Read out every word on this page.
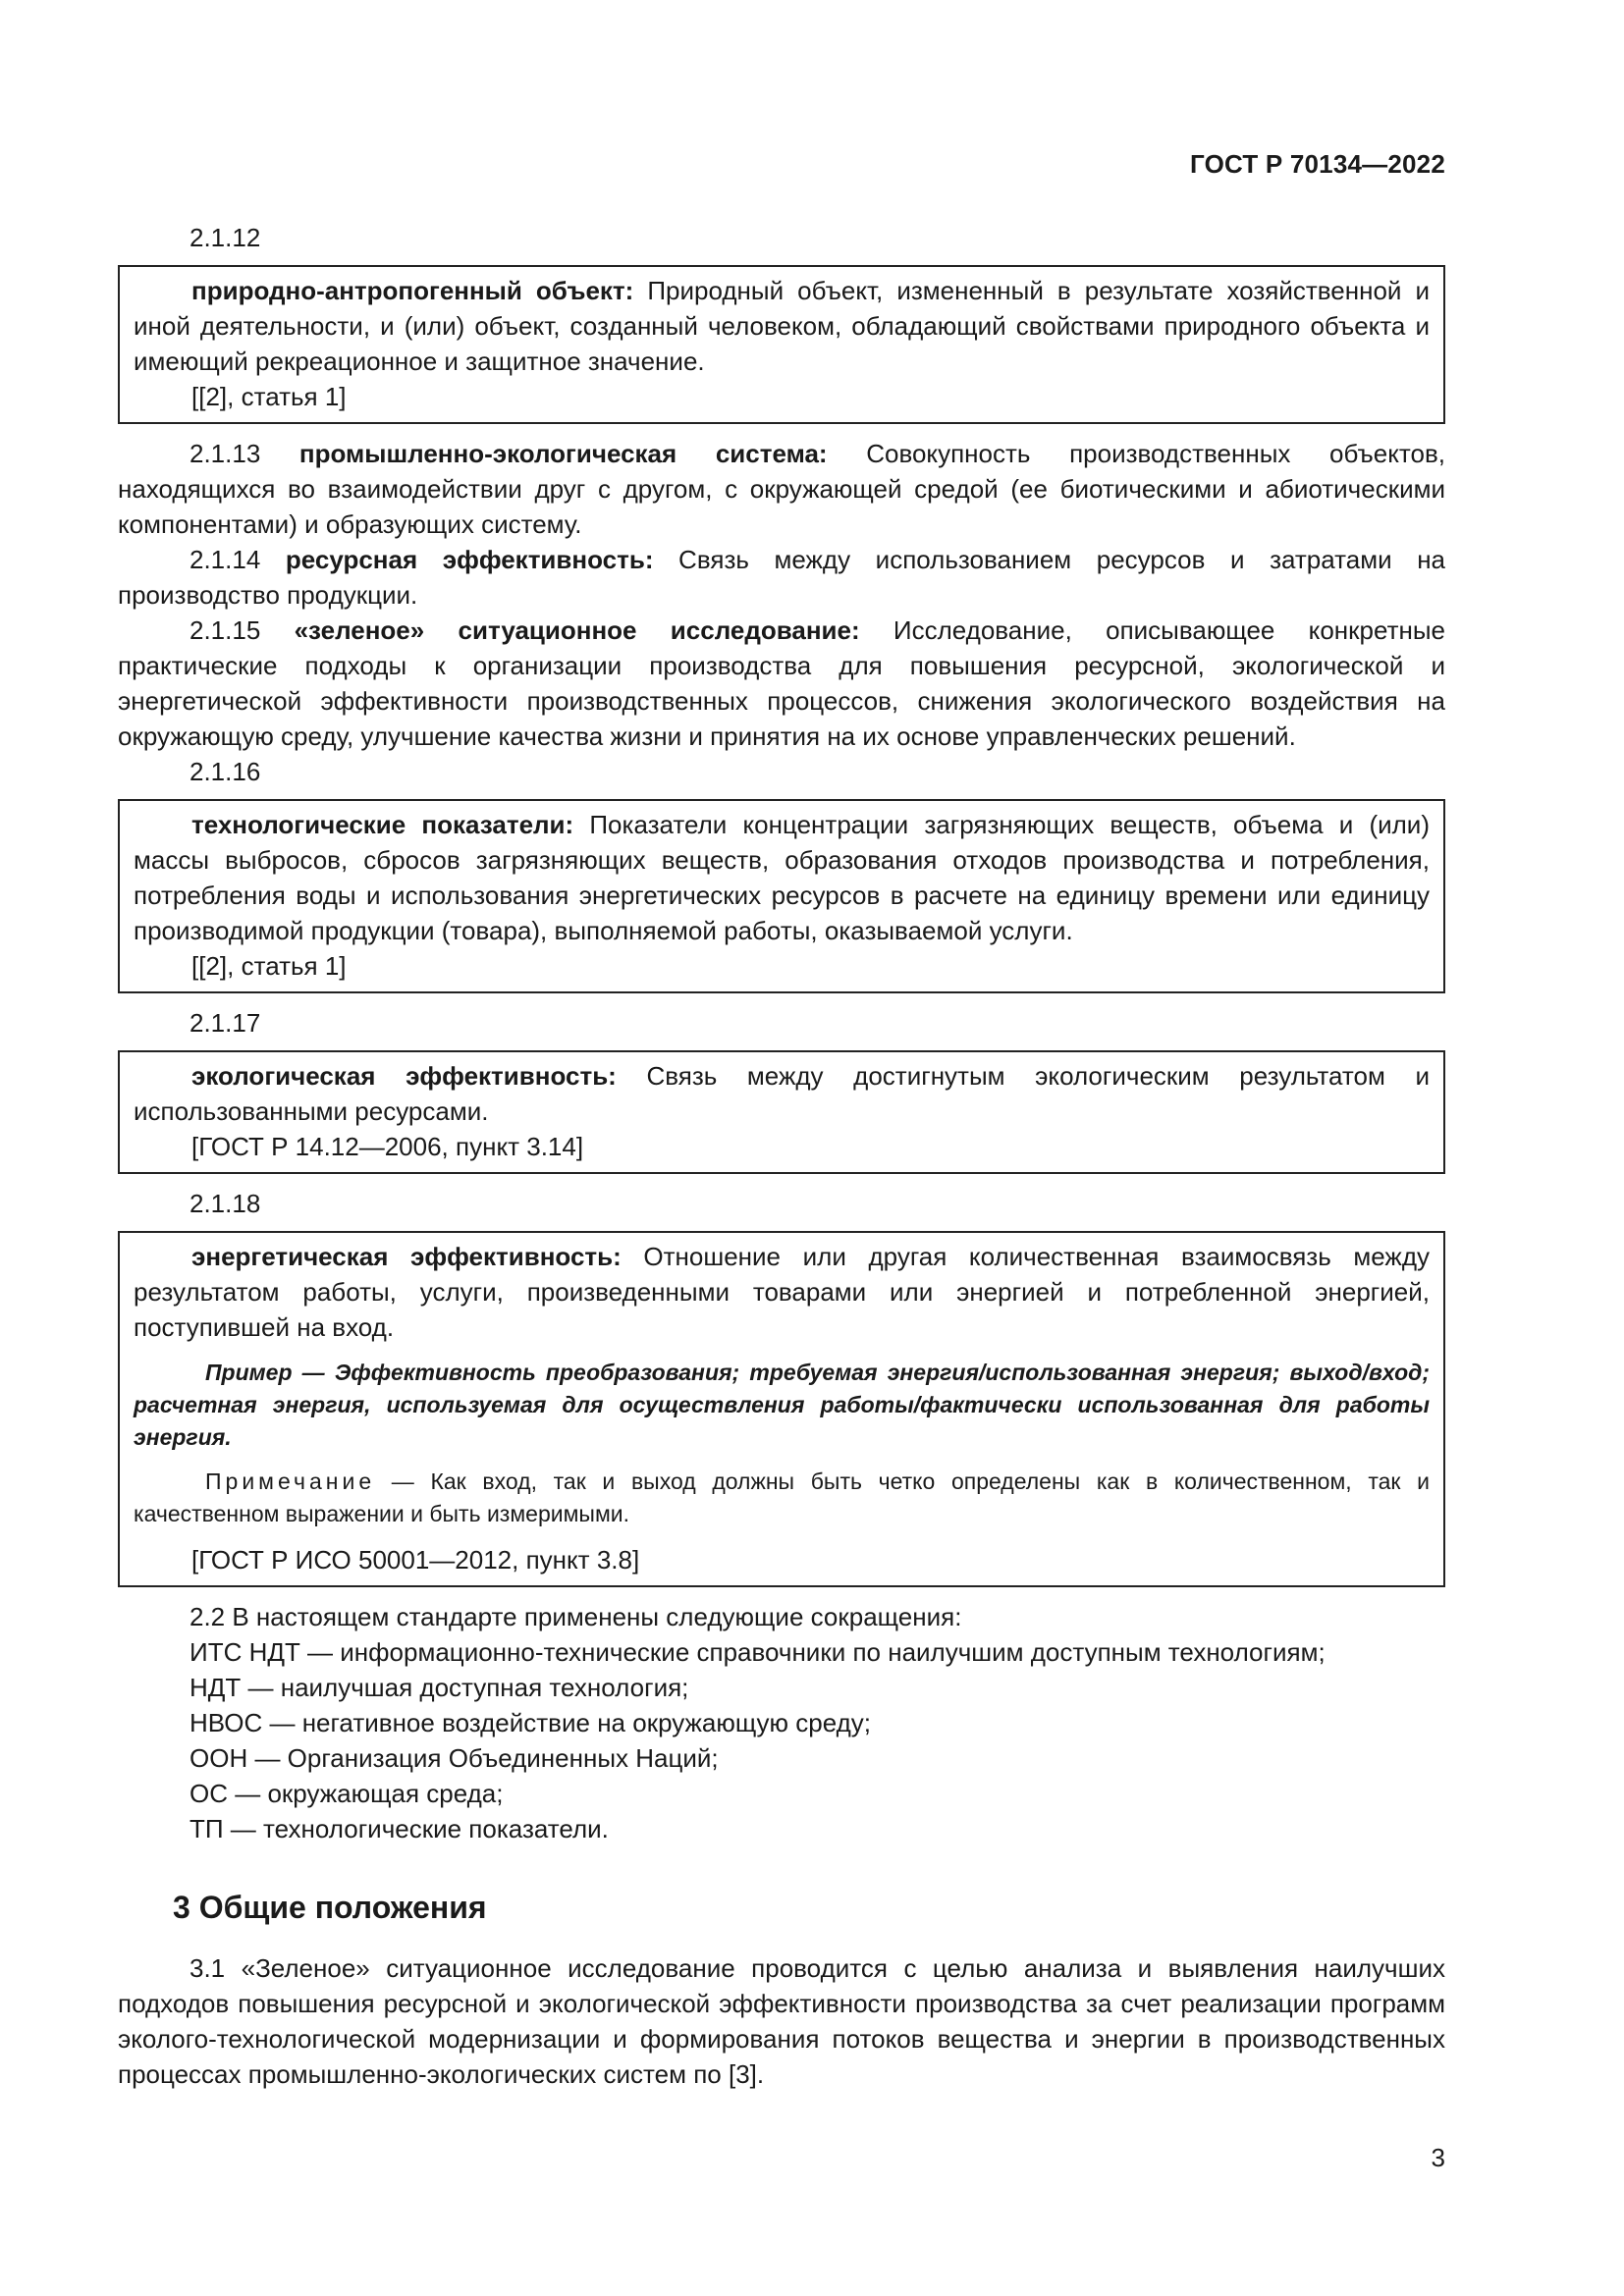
ГОСТ Р 70134—2022

2.1.12

природно-антропогенный объект: Природный объект, измененный в результате хозяйственной и иной деятельности, и (или) объект, созданный человеком, обладающий свойствами природного объекта и имеющий рекреационное и защитное значение.

[[2], статья 1]

2.1.13 промышленно-экологическая система: Совокупность производственных объектов, находящихся во взаимодействии друг с другом, с окружающей средой (ее биотическими и абиотическими компонентами) и образующих систему.

2.1.14 ресурсная эффективность: Связь между использованием ресурсов и затратами на производство продукции.

2.1.15 «зеленое» ситуационное исследование: Исследование, описывающее конкретные практические подходы к организации производства для повышения ресурсной, экологической и энергетической эффективности производственных процессов, снижения экологического воздействия на окружающую среду, улучшение качества жизни и принятия на их основе управленческих решений.

2.1.16

технологические показатели: Показатели концентрации загрязняющих веществ, объема и (или) массы выбросов, сбросов загрязняющих веществ, образования отходов производства и потребления, потребления воды и использования энергетических ресурсов в расчете на единицу времени или единицу производимой продукции (товара), выполняемой работы, оказываемой услуги.

[[2], статья 1]

2.1.17

экологическая эффективность: Связь между достигнутым экологическим результатом и использованными ресурсами.

[ГОСТ Р 14.12—2006, пункт 3.14]

2.1.18

энергетическая эффективность: Отношение или другая количественная взаимосвязь между результатом работы, услуги, произведенными товарами или энергией и потребленной энергией, поступившей на вход.

Пример — Эффективность преобразования; требуемая энергия/использованная энергия; выход/вход; расчетная энергия, используемая для осуществления работы/фактически использованная для работы энергия.

Примечание — Как вход, так и выход должны быть четко определены как в количественном, так и качественном выражении и быть измеримыми.

[ГОСТ Р ИСО 50001—2012, пункт 3.8]

2.2 В настоящем стандарте применены следующие сокращения:

ИТС НДТ — информационно-технические справочники по наилучшим доступным технологиям;

НДТ — наилучшая доступная технология;

НВОС — негативное воздействие на окружающую среду;

ООН — Организация Объединенных Наций;

ОС — окружающая среда;

ТП — технологические показатели.

3 Общие положения

3.1 «Зеленое» ситуационное исследование проводится с целью анализа и выявления наилучших подходов повышения ресурсной и экологической эффективности производства за счет реализации программ эколого-технологической модернизации и формирования потоков вещества и энергии в производственных процессах промышленно-экологических систем по [3].

3
